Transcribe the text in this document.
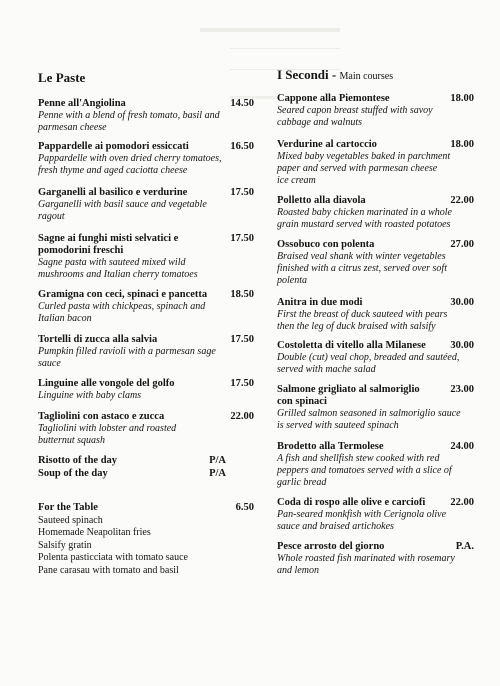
Le Paste
Penne all'Angiolina	14.50
Penne with a blend of fresh tomato, basil and
parmesan cheese
Pappardelle ai pomodori essiccati	16.50
Pappardelle with oven dried cherry tomatoes,
fresh thyme and aged caciotta cheese
Garganelli al basilico e verdurine	17.50
Garganelli with basil sauce and vegetable
ragout
Sagne ai funghi misti selvatici e pomodorini freschi
17.50
Sagne pasta with sauteed mixed wild
mushrooms and Italian cherry tomatoes
Gramigna con ceci, spinaci e pancetta 18.50
Curled pasta with chickpeas, spinach and
Italian bacon
Tortelli di zucca alla salvia	17.50
Pumpkin filled ravioli with a parmesan sage
sauce
Linguine alle vongole del golfo	17.50
Linguine with baby clams
Tagliolini con astaco e zucca	22.00
Tagliolini with lobster and roasted
butternut squash
Risotto of the day	P/A
Soup of the day	P/A
For the Table	6.50
Sauteed spinach
Homemade Neapolitan fries
Salsify gratin
Polenta pasticciata with tomato sauce
Pane carasau with tomato and basil
I Secondi - Main courses
Cappone alla Piemontese	18.00
Seared capon breast stuffed with savoy
cabbage and walnuts
Verdurine al cartoccio	18.00
Mixed baby vegetables baked in parchment
paper and served with parmesan cheese
ice cream
Polletto alla diavola	22.00
Roasted baby chicken marinated in a whole
grain mustard served with roasted potatoes
Ossobuco con polenta	27.00
Braised veal shank with winter vegetables
finished with a citrus zest, served over soft
polenta
Anitra in due modi	30.00
First the breast of duck sauteed with pears
then the leg of duck braised with salsify
Costoletta di vitello alla Milanese 30.00
Double (cut) veal chop, breaded and sautéed,
served with mache salad
Salmone grigliato al salmoriglio con spinaci
23.00
Grilled salmon seasoned in salmoriglio sauce
is served with sauteed spinach
Brodetto alla Termolese	24.00
A fish and shellfish stew cooked with red
peppers and tomatoes served with a slice of
garlic bread
Coda di rospo alle olive e carciofi 22.00
Pan-seared monkfish with Cerignola olive
sauce and braised artichokes
Pesce arrosto del giorno	P.A.
Whole roasted fish marinated with rosemary
and lemon
